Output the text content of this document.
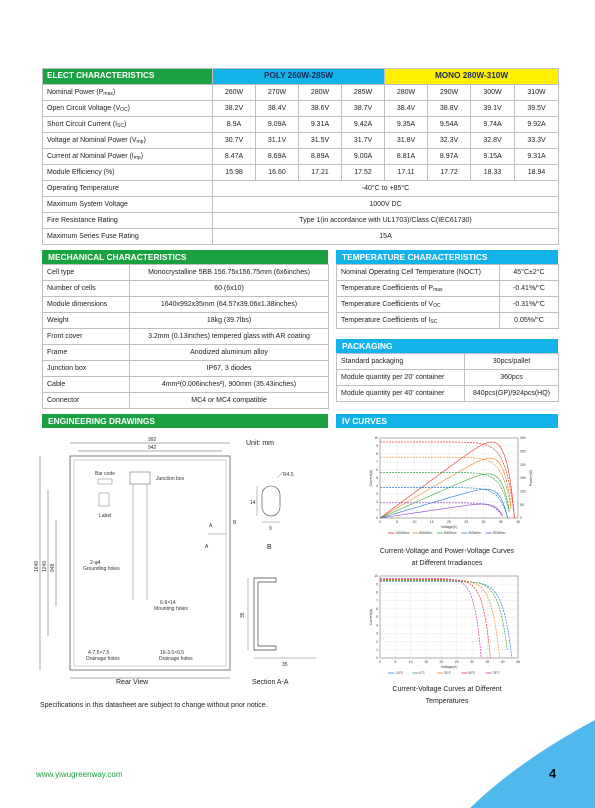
ELECT CHARACTERISTICS	POLY 260W-285W				MONO 280W-310W			
Nominal Power $(P_{max})$	260W	270W	280W	285W	280W	290W	300W	310W
Open Circuit Voltage $(V_{OC})$	38.2V	38.4V	38.6V	38.7V	38.4V	38.8V	39.1V	39.5V
Short Circuit Current $(I_{SC})$	8.9A	9.09A	9.31A	9.42A	9.35A	9.54A	9.74A	9.92A
Voltage at Nominal Power $(V_{mp})$	30.7V	31.1V	31.5V	31.7V	31.8V	32.3V	32.8V	33.3V
Current at Nominal Power $(I_{mp})$	8.47A	8.69A	8.89A	9.00A	8.81A	8.97A	9.15A	9.31A
Module Efficiency (%)	15.98	16.60	17.21	17.52	17.11	17.72	18.33	18.94
Operating Temperature	-40°C to +85°C							
Maximum System Voltage	1000V DC							
Fire Resistance Rating	Type 1(in accordance with UL1703)/Class C(IEC61730)							
Maximum Series Fuse Rating	15A							
MECHANICAL CHARACTERISTICS
Cell type	Monocrystalline 5BB 156.75x156.75mm (6x6inches)
Number of cells	60 (6x10)
Module dimensions	1640x992x35mm (64.57x39.06x1.38inches)
Weight	18kg (39.7lbs)
Front cover	3.2mm (0.13inches) tempered glass with AR coating
Frame	Anodized aluminum alloy
Junction box	IP67, 3 diodes
Cable	4mm²(0.006inches²), 900mm (35.43inches)
Connector	MC4 or MC4 compatible
TEMPERATURE CHARACTERISTICS
Nominal Operating Cell Temperature (NOCT)	45°C±2°C
Temperature Coefficients of $P_{max}$	-0.41%/°C
Temperature Coefficients of $V_{OC}$	-0.31%/°C
Temperature Coefficients of $I_{SC}$	0.05%/°C
PACKAGING
Standard packaging	30pcs/pallet
Module quantity per 20' container	360pcs
Module quantity per 40' container	840pcs(GP)/924pcs(HQ)
ENGINEERING DRAWINGS
Unit: mm
992
942
1640 1240 948
Bar code
Label
Junction box
A
A
B
2-φ4
Grounding holes
6-9×14
Mounting holes
4-7.5×7.5
Drainage holes
16-3.5×0.5
Drainage holes
R4.5
14
9
B
35
35
Rear View	Section A-A
IV CURVES
0	5	10	15	20	25	30	35	40
0
1
2
3
4
5
6
7
8
9
10
Voltage(V)
Current(A)
0
50
100
150
200
250
300
Power(W)
1000W/m²	800W/m²	600W/m²	400W/m²	200W/m²
Current-Voltage and Power-Voltage Curves
at Different Irradiances
0	5	10	15	20	25	30	35	40	45
0
1
2
3
4
5
6
7
8
9
10
Voltage(V)
Current(A)
-10°C	0°C	25°C	50°C	75°C
Current-Voltage Curves at Different
Temperatures
Specifications in this datasheet are subject to change without prior notice.
www.yiwugreenway.com	4
